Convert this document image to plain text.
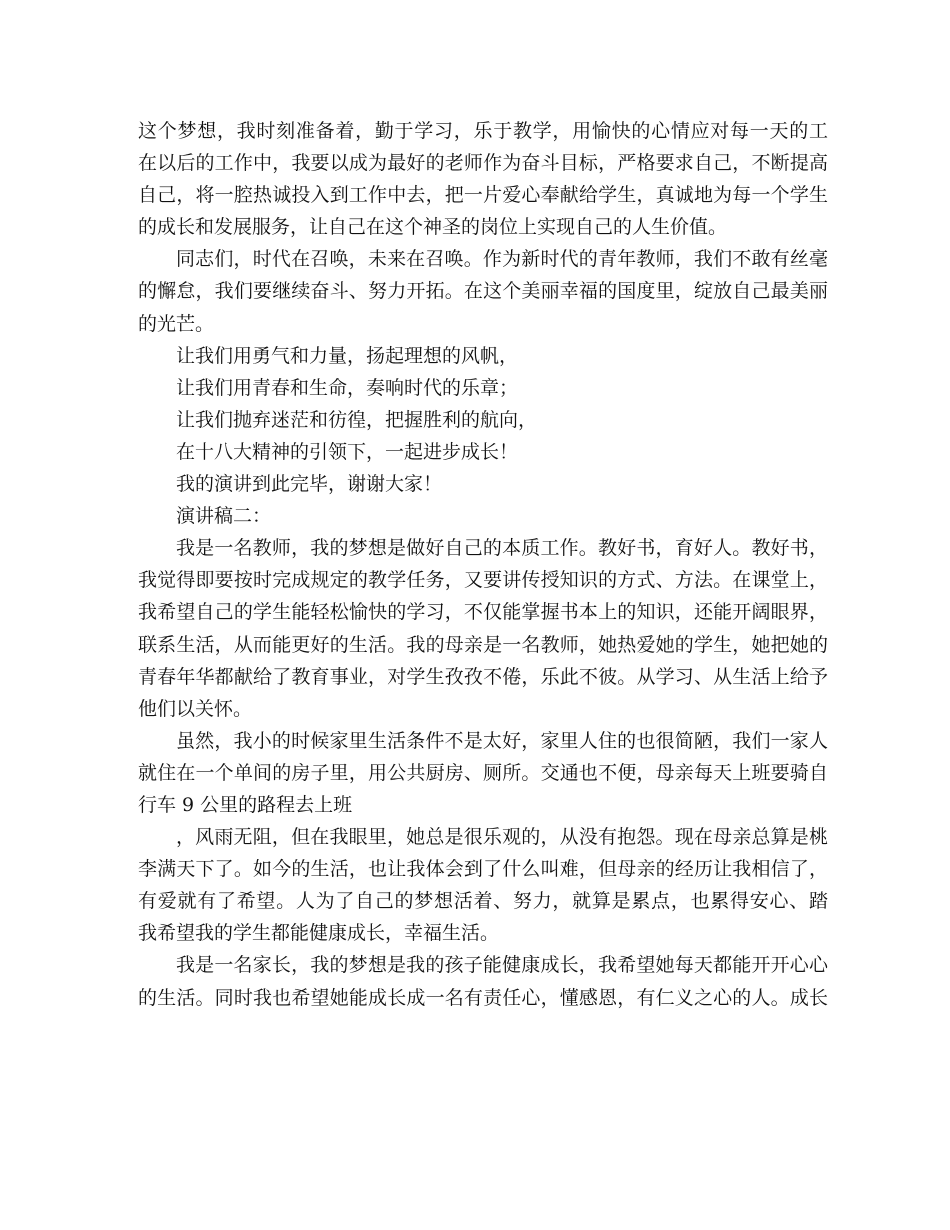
这个梦想，我时刻准备着，勤于学习，乐于教学，用愉快的心情应对每一天的工
在以后的工作中，我要以成为最好的老师作为奋斗目标，严格要求自己，不断提高
自己，将一腔热诚投入到工作中去，把一片爱心奉献给学生，真诚地为每一个学生
的成长和发展服务，让自己在这个神圣的岗位上实现自己的人生价值。
同志们，时代在召唤，未来在召唤。作为新时代的青年教师，我们不敢有丝毫
的懈怠，我们要继续奋斗、努力开拓。在这个美丽幸福的国度里，绽放自己最美丽
的光芒。
让我们用勇气和力量，扬起理想的风帆，
让我们用青春和生命，奏响时代的乐章；
让我们抛弃迷茫和彷徨，把握胜利的航向，
在十八大精神的引领下，一起进步成长！
我的演讲到此完毕，谢谢大家！
演讲稿二：
我是一名教师，我的梦想是做好自己的本质工作。教好书，育好人。教好书，
我觉得即要按时完成规定的教学任务，又要讲传授知识的方式、方法。在课堂上，
我希望自己的学生能轻松愉快的学习，不仅能掌握书本上的知识，还能开阔眼界，
联系生活，从而能更好的生活。我的母亲是一名教师，她热爱她的学生，她把她的
青春年华都献给了教育事业，对学生孜孜不倦，乐此不彼。从学习、从生活上给予
他们以关怀。
虽然，我小的时候家里生活条件不是太好，家里人住的也很简陋，我们一家人
就住在一个单间的房子里，用公共厨房、厕所。交通也不便，母亲每天上班要骑自
行车 9 公里的路程去上班
，风雨无阻，但在我眼里，她总是很乐观的，从没有抱怨。现在母亲总算是桃
李满天下了。如今的生活，也让我体会到了什么叫难，但母亲的经历让我相信了，
有爱就有了希望。人为了自己的梦想活着、努力，就算是累点，也累得安心、踏
我希望我的学生都能健康成长，幸福生活。
我是一名家长，我的梦想是我的孩子能健康成长，我希望她每天都能开开心心
的生活。同时我也希望她能成长成一名有责任心，懂感恩，有仁义之心的人。成长
